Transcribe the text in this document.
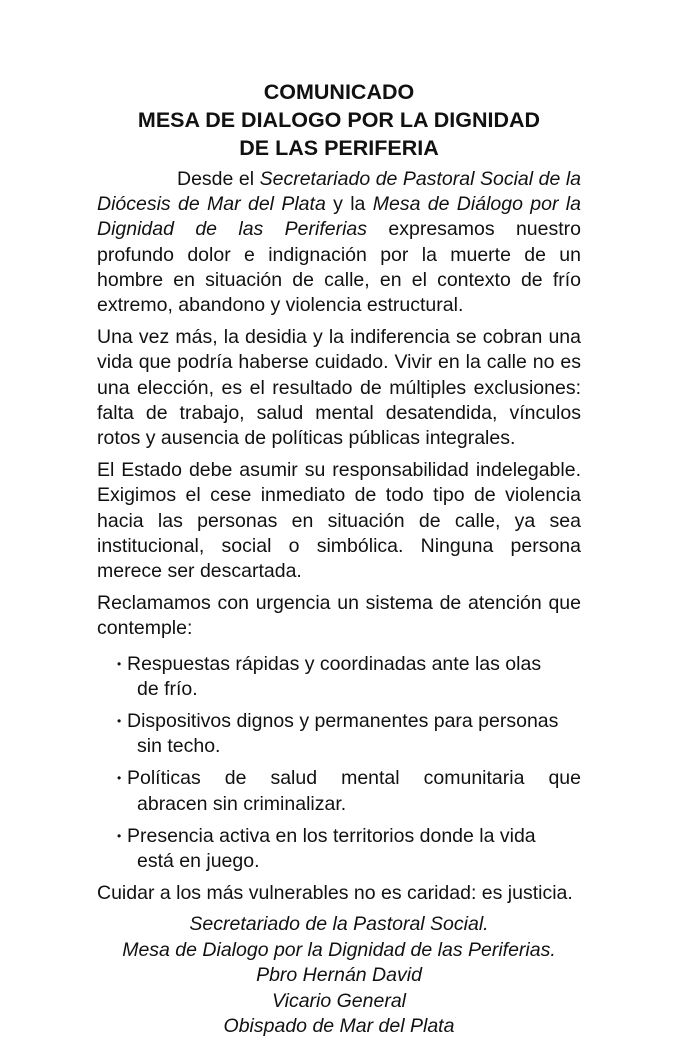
COMUNICADO
MESA DE DIALOGO POR LA DIGNIDAD
DE LAS PERIFERIA

Desde el Secretariado de Pastoral Social de la Diócesis de Mar del Plata y la Mesa de Diálogo por la Dignidad de las Periferias expresamos nuestro profundo dolor e indignación por la muerte de un hombre en situación de calle, en el contexto de frío extremo, abandono y violencia estructural.

Una vez más, la desidia y la indiferencia se cobran una vida que podría haberse cuidado. Vivir en la calle no es una elección, es el resultado de múltiples exclusiones: falta de trabajo, salud mental desatendida, vínculos rotos y ausencia de políticas públicas integrales.

El Estado debe asumir su responsabilidad indelegable. Exigimos el cese inmediato de todo tipo de violencia hacia las personas en situación de calle, ya sea institucional, social o simbólica. Ninguna persona merece ser descartada.

Reclamamos con urgencia un sistema de atención que contemple:

• Respuestas rápidas y coordinadas ante las olas
de frío.
• Dispositivos dignos y permanentes para personas
sin techo.
• Políticas de salud mental comunitaria que
abracen sin criminalizar.
• Presencia activa en los territorios donde la vida
está en juego.

Cuidar a los más vulnerables no es caridad: es justicia.

Secretariado de la Pastoral Social.
Mesa de Dialogo por la Dignidad de las Periferias.
Pbro Hernán David
Vicario General
Obispado de Mar del Plata
